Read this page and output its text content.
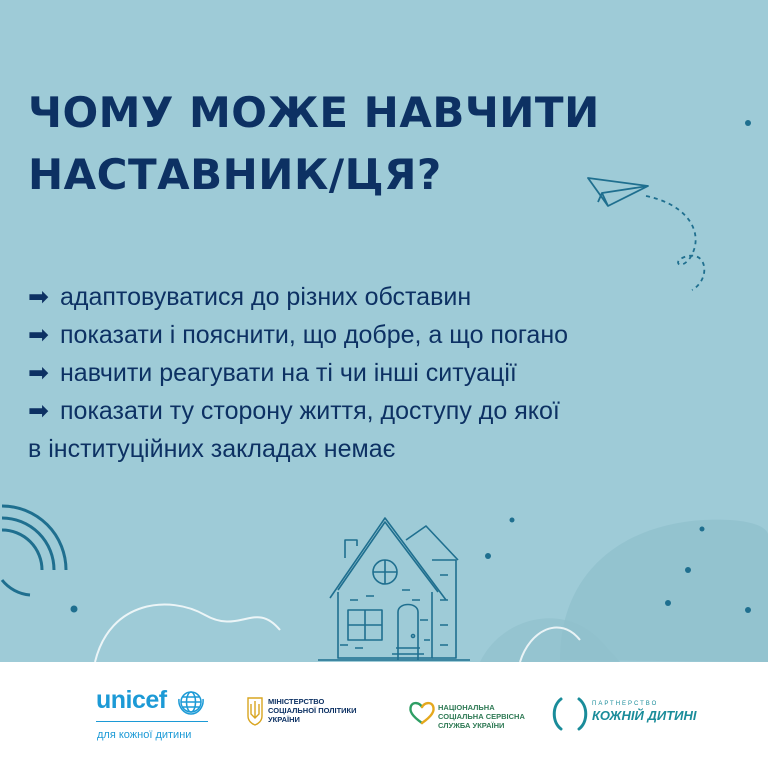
ЧОМУ МОЖЕ НАВЧИТИ
НАСТАВНИК/ЦЯ?
➡ адаптовуватися до різних обставин
➡ показати і пояснити, що добре, а що погано
➡ навчити реагувати на ті чи інші ситуації
➡ показати ту сторону життя, доступу до якої
в інституційних закладах немає
unicef
для кожної дитини
МІНІСТЕРСТВО
СОЦІАЛЬНОЇ ПОЛІТИКИ
УКРАЇНИ
НАЦІОНАЛЬНА
СОЦІАЛЬНА СЕРВІСНА
СЛУЖБА УКРАЇНИ
ПАРТНЕРСТВО
КОЖНІЙ ДИТИНІ
